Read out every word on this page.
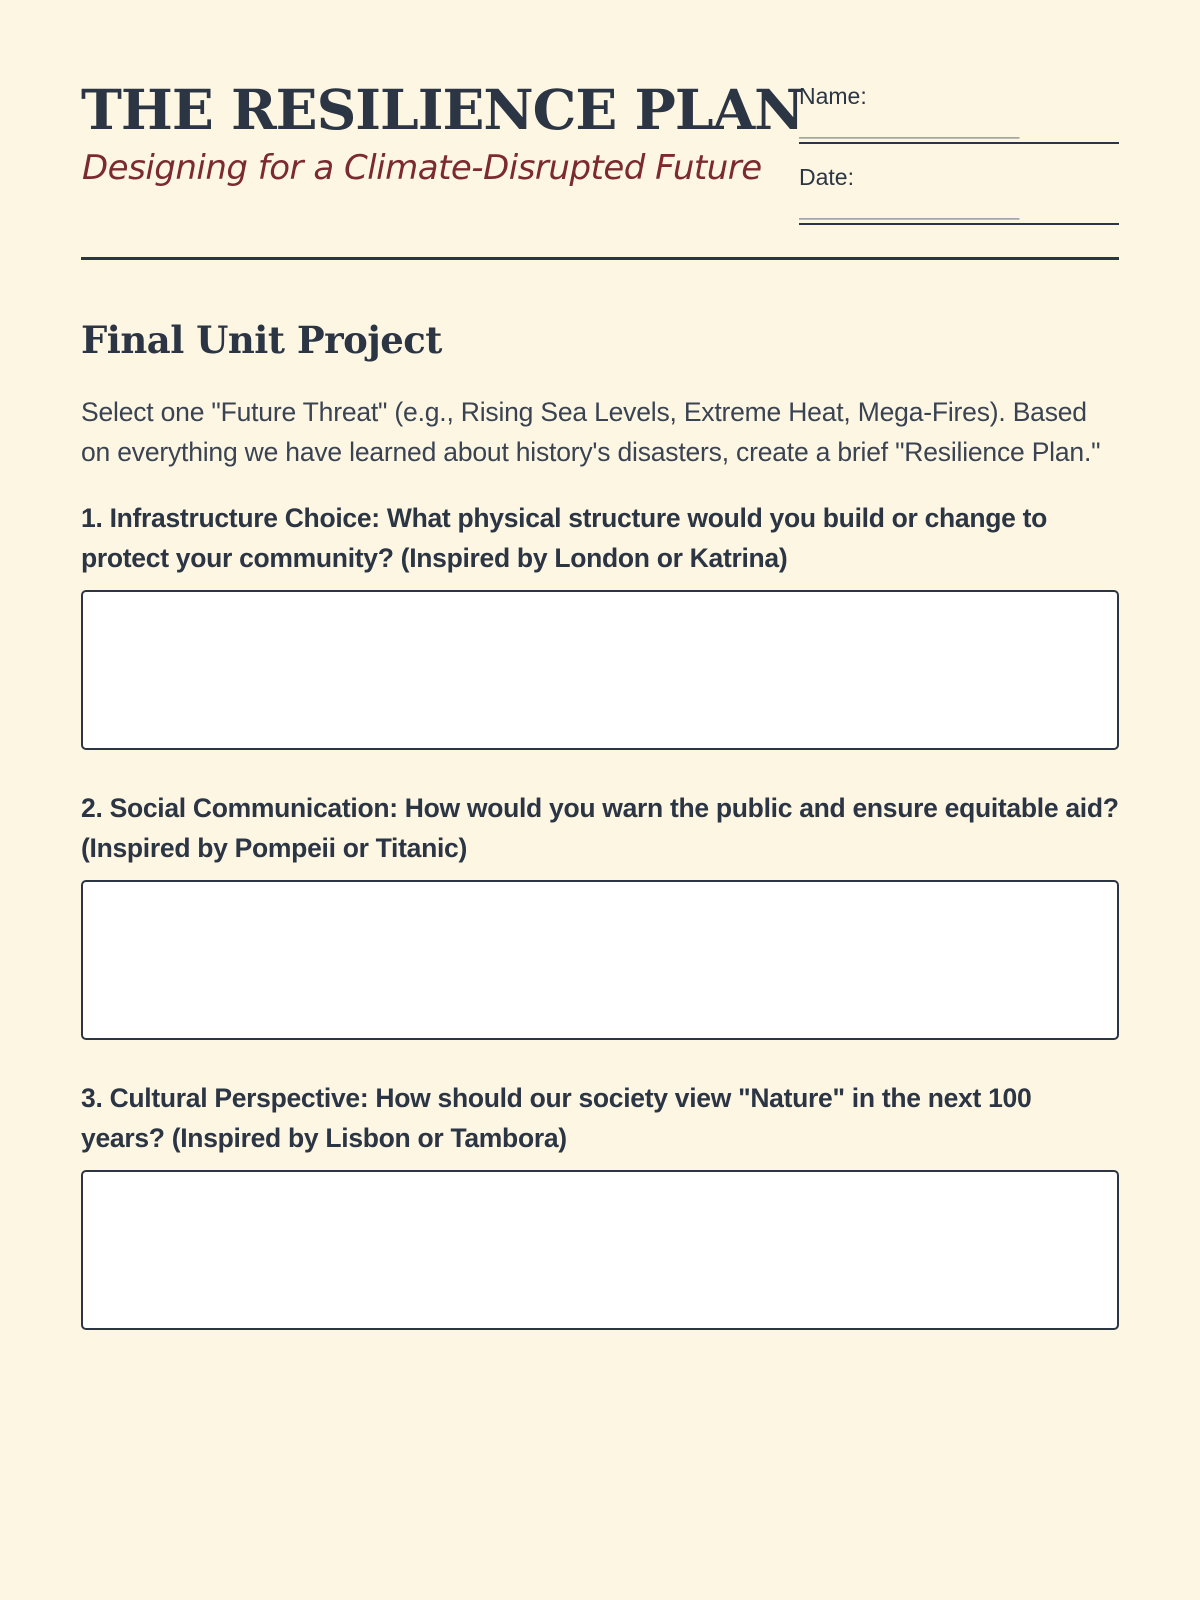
THE RESILIENCE PLAN
Designing for a Climate-Disrupted Future
Name:
______________________
Date:
______________________
Final Unit Project

Select one "Future Threat" (e.g., Rising Sea Levels, Extreme Heat, Mega-Fires). Based on everything we have learned about history's disasters, create a brief "Resilience Plan."

1. Infrastructure Choice: What physical structure would you build or change to protect your community? (Inspired by London or Katrina)
2. Social Communication: How would you warn the public and ensure equitable aid? (Inspired by Pompeii or Titanic)
3. Cultural Perspective: How should our society view "Nature" in the next 100 years? (Inspired by Lisbon or Tambora)
